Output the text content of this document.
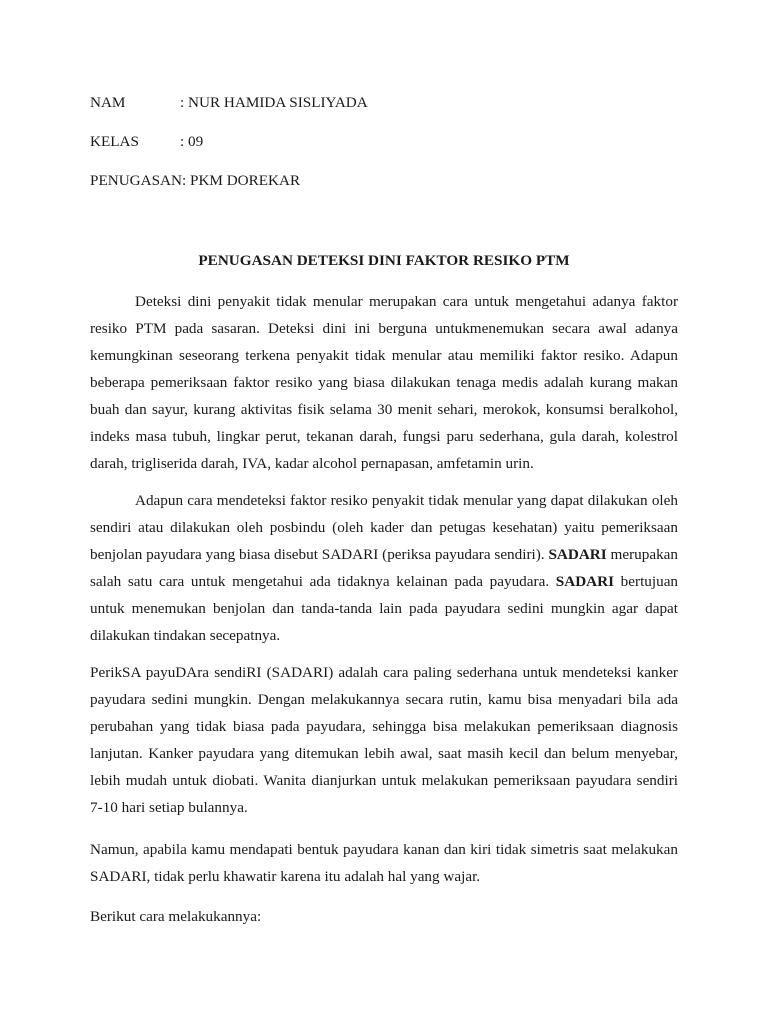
NAM	: NUR HAMIDA SISLIYADA
KELAS	: 09
PENUGASAN: PKM DOREKAR
PENUGASAN DETEKSI DINI FAKTOR RESIKO PTM

Deteksi dini penyakit tidak menular merupakan cara untuk mengetahui adanya faktor resiko PTM pada sasaran. Deteksi dini ini berguna untukmenemukan secara awal adanya kemungkinan seseorang terkena penyakit tidak menular atau memiliki faktor resiko. Adapun beberapa pemeriksaan faktor resiko yang biasa dilakukan tenaga medis adalah kurang makan buah dan sayur, kurang aktivitas fisik selama 30 menit sehari, merokok, konsumsi beralkohol, indeks masa tubuh, lingkar perut, tekanan darah, fungsi paru sederhana, gula darah, kolestrol darah, trigliserida darah, IVA, kadar alcohol pernapasan, amfetamin urin.

Adapun cara mendeteksi faktor resiko penyakit tidak menular yang dapat dilakukan oleh sendiri atau dilakukan oleh posbindu (oleh kader dan petugas kesehatan) yaitu pemeriksaan benjolan payudara yang biasa disebut SADARI (periksa payudara sendiri). SADARI merupakan salah satu cara untuk mengetahui ada tidaknya kelainan pada payudara. SADARI bertujuan untuk menemukan benjolan dan tanda-tanda lain pada payudara sedini mungkin agar dapat dilakukan tindakan secepatnya.

PerikSA payuDAra sendiRI (SADARI) adalah cara paling sederhana untuk mendeteksi kanker payudara sedini mungkin. Dengan melakukannya secara rutin, kamu bisa menyadari bila ada perubahan yang tidak biasa pada payudara, sehingga bisa melakukan pemeriksaan diagnosis lanjutan. Kanker payudara yang ditemukan lebih awal, saat masih kecil dan belum menyebar, lebih mudah untuk diobati. Wanita dianjurkan untuk melakukan pemeriksaan payudara sendiri 7-10 hari setiap bulannya.

Namun, apabila kamu mendapati bentuk payudara kanan dan kiri tidak simetris saat melakukan SADARI, tidak perlu khawatir karena itu adalah hal yang wajar.

Berikut cara melakukannya:
